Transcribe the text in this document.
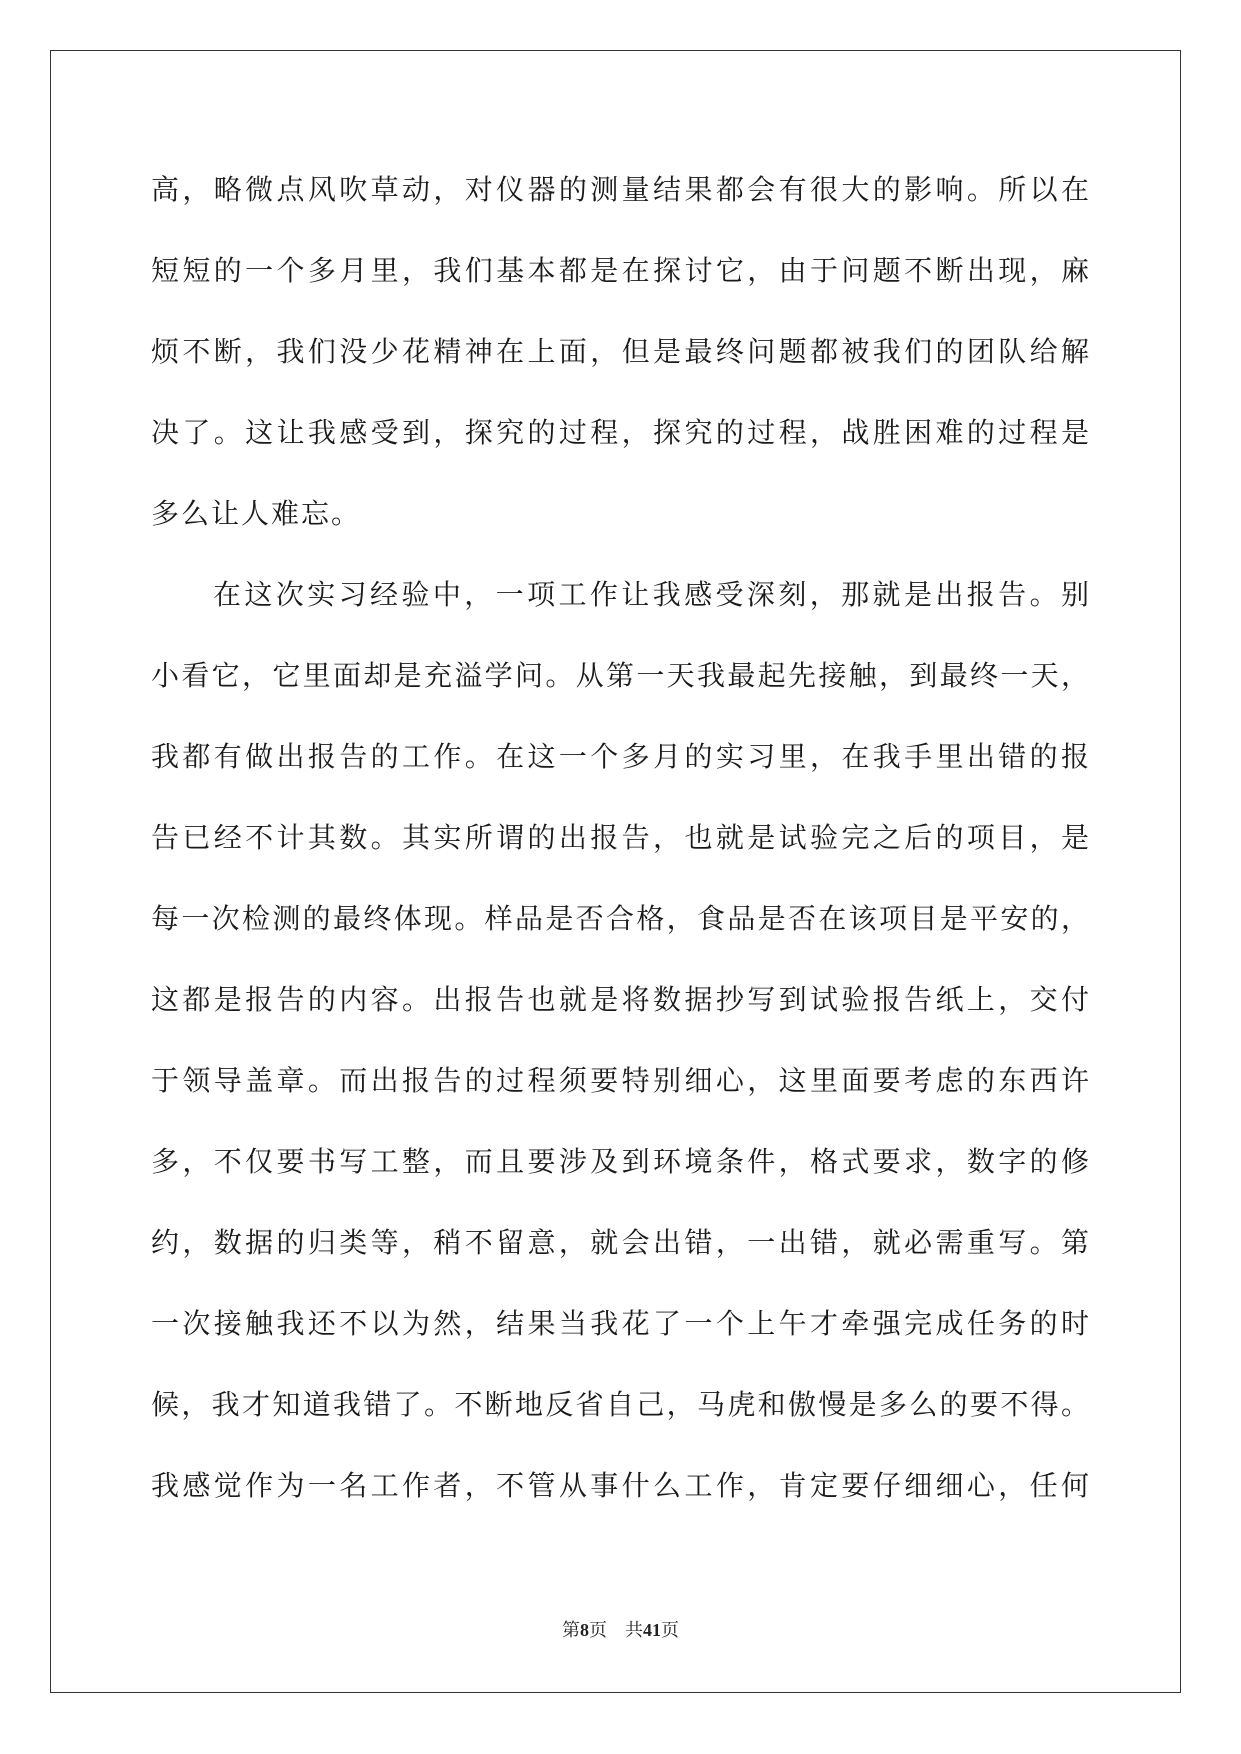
高，略微点风吹草动，对仪器的测量结果都会有很大的影响。所以在
短短的一个多月里，我们基本都是在探讨它，由于问题不断出现，麻
烦不断，我们没少花精神在上面，但是最终问题都被我们的团队给解
决了。这让我感受到，探究的过程，探究的过程，战胜困难的过程是
多么让人难忘。
在这次实习经验中，一项工作让我感受深刻，那就是出报告。别
小看它，它里面却是充溢学问。从第一天我最起先接触，到最终一天，
我都有做出报告的工作。在这一个多月的实习里，在我手里出错的报
告已经不计其数。其实所谓的出报告，也就是试验完之后的项目，是
每一次检测的最终体现。样品是否合格，食品是否在该项目是平安的，
这都是报告的内容。出报告也就是将数据抄写到试验报告纸上，交付
于领导盖章。而出报告的过程须要特别细心，这里面要考虑的东西许
多，不仅要书写工整，而且要涉及到环境条件，格式要求，数字的修
约，数据的归类等，稍不留意，就会出错，一出错，就必需重写。第
一次接触我还不以为然，结果当我花了一个上午才牵强完成任务的时
候，我才知道我错了。不断地反省自己，马虎和傲慢是多么的要不得。
我感觉作为一名工作者，不管从事什么工作，肯定要仔细细心，任何
第8页 共41页
